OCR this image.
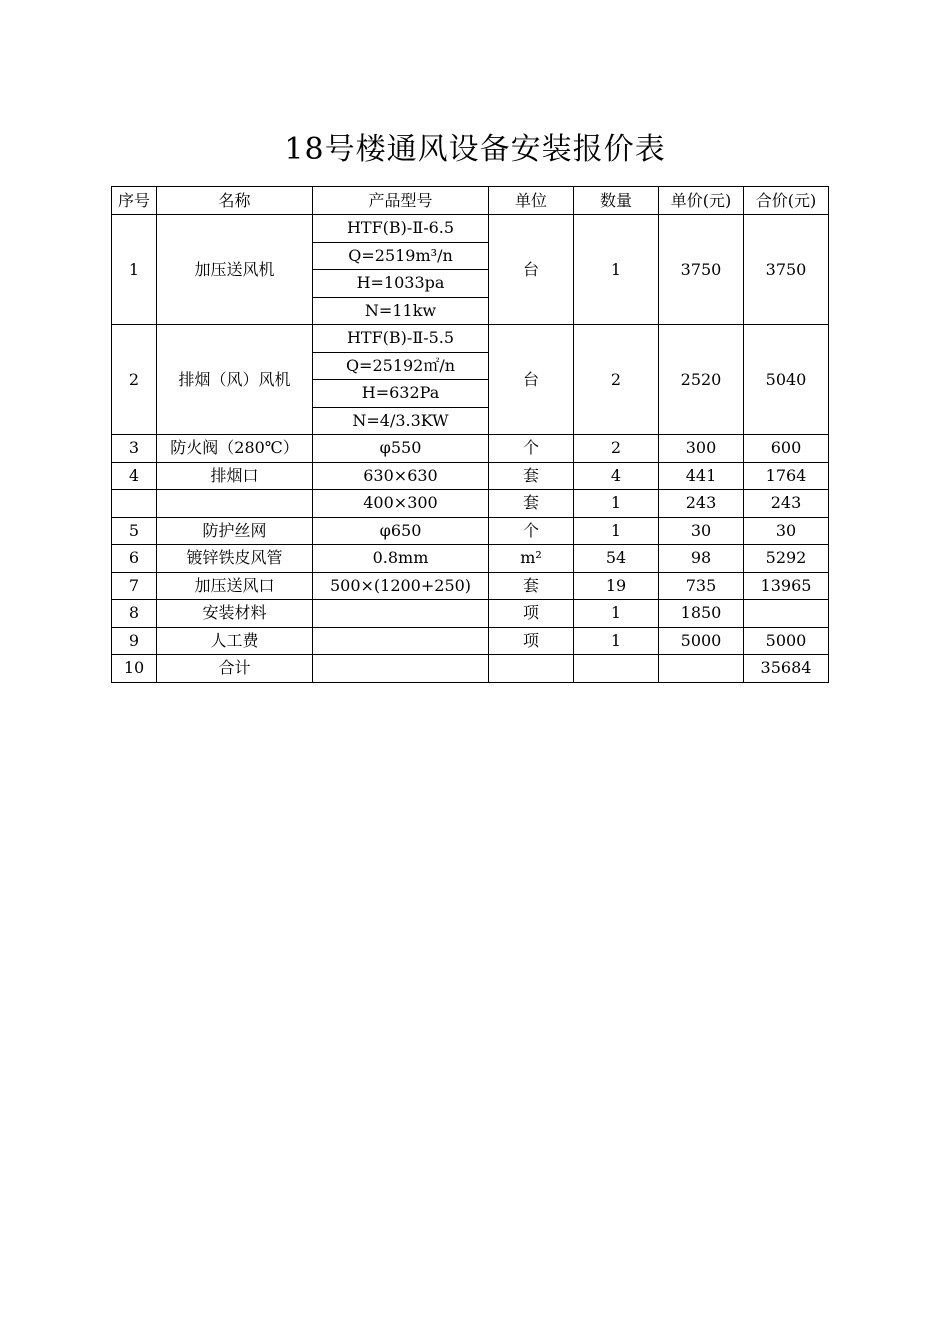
18号楼通风设备安装报价表
序号	名称	产品型号	单位	数量	单价(元)	合价(元)
1	加压送风机	HTF(B)-Ⅱ-6.5	台	1	3750	3750
		Q=2519m³/n				
		H=1033pa				
		N=11kw				
2	排烟（风）风机	HTF(B)-Ⅱ-5.5	台	2	2520	5040
		Q=25192㎡/n				
		H=632Pa				
		N=4/3.3KW				
3	防火阀（280℃）	φ550	个	2	300	600
4	排烟口	630×630	套	4	441	1764
		400×300	套	1	243	243
5	防护丝网	φ650	个	1	30	30
6	镀锌铁皮风管	0.8mm	m²	54	98	5292
7	加压送风口	500×(1200+250)	套	19	735	13965
8	安装材料		项	1	1850	
9	人工费		项	1	5000	5000
10	合计					35684
